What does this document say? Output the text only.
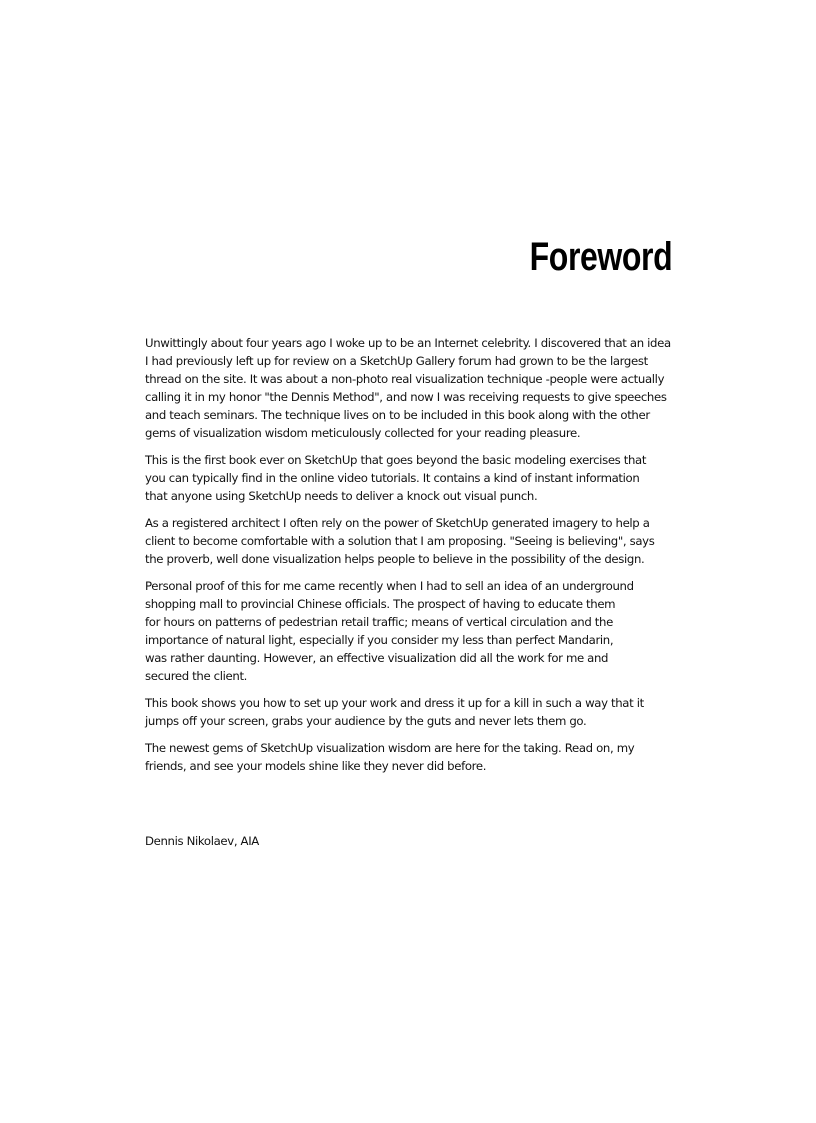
Foreword

Unwittingly about four years ago I woke up to be an Internet celebrity. I discovered that an idea
I had previously left up for review on a SketchUp Gallery forum had grown to be the largest
thread on the site. It was about a non-photo real visualization technique -people were actually
calling it in my honor "the Dennis Method", and now I was receiving requests to give speeches
and teach seminars. The technique lives on to be included in this book along with the other
gems of visualization wisdom meticulously collected for your reading pleasure.

This is the first book ever on SketchUp that goes beyond the basic modeling exercises that
you can typically find in the online video tutorials. It contains a kind of instant information
that anyone using SketchUp needs to deliver a knock out visual punch.

As a registered architect I often rely on the power of SketchUp generated imagery to help a
client to become comfortable with a solution that I am proposing. "Seeing is believing", says
the proverb, well done visualization helps people to believe in the possibility of the design.

Personal proof of this for me came recently when I had to sell an idea of an underground
shopping mall to provincial Chinese officials. The prospect of having to educate them
for hours on patterns of pedestrian retail traffic; means of vertical circulation and the
importance of natural light, especially if you consider my less than perfect Mandarin,
was rather daunting. However, an effective visualization did all the work for me and
secured the client.

This book shows you how to set up your work and dress it up for a kill in such a way that it
jumps off your screen, grabs your audience by the guts and never lets them go.

The newest gems of SketchUp visualization wisdom are here for the taking. Read on, my
friends, and see your models shine like they never did before.

Dennis Nikolaev, AIA
